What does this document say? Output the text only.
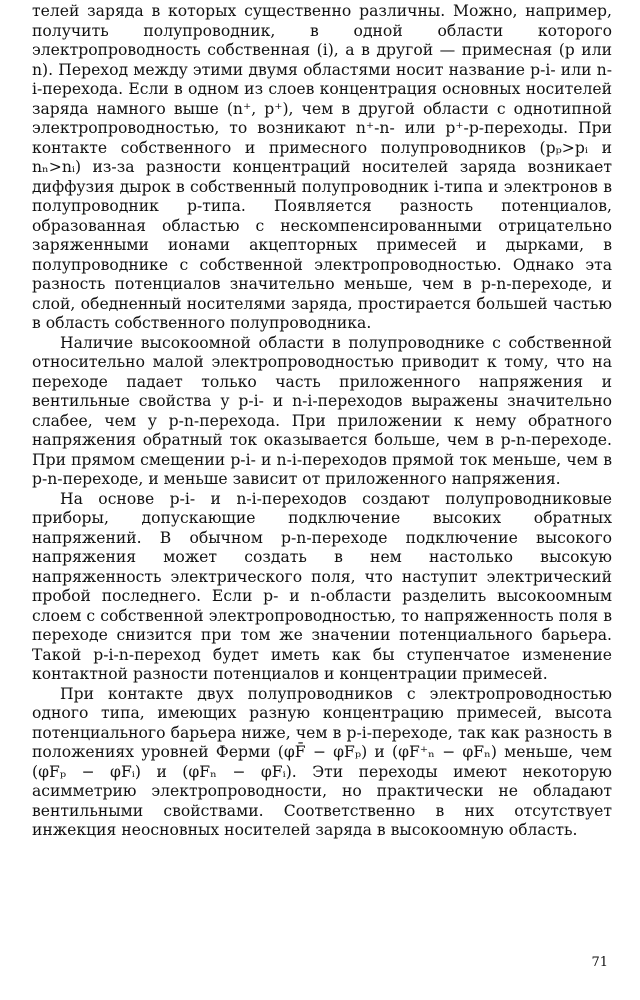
телей заряда в которых существенно различны. Можно, например, получить полупроводник, в одной области которого электропроводность собственная (i), а в другой — примесная (p или n). Переход между этими двумя областями носит название p-i- или n-i-перехода. Если в одном из слоев концентрация основных носителей заряда намного выше (n⁺, p⁺), чем в другой области с однотипной электропроводностью, то возникают n⁺-n- или p⁺-p-переходы. При контакте собственного и примесного полупроводников (pₚ>pᵢ и nₙ>nᵢ) из-за разности концентраций носителей заряда возникает диффузия дырок в собственный полупроводник i-типа и электронов в полупроводник p-типа. Появляется разность потенциалов, образованная областью с нескомпенсированными отрицательно заряженными ионами акцепторных примесей и дырками, в полупроводнике с собственной электропроводностью. Однако эта разность потенциалов значительно меньше, чем в p-n-переходе, и слой, обедненный носителями заряда, простирается большей частью в область собственного полупроводника.

Наличие высокоомной области в полупроводнике с собственной относительно малой электропроводностью приводит к тому, что на переходе падает только часть приложенного напряжения и вентильные свойства у p-i- и n-i-переходов выражены значительно слабее, чем у p-n-перехода. При приложении к нему обратного напряжения обратный ток оказывается больше, чем в p-n-переходе. При прямом смещении p-i- и n-i-переходов прямой ток меньше, чем в p-n-переходе, и меньше зависит от приложенного напряжения.

На основе p-i- и n-i-переходов создают полупроводниковые приборы, допускающие подключение высоких обратных напряжений. В обычном p-n-переходе подключение высокого напряжения может создать в нем настолько высокую напряженность электрического поля, что наступит электрический пробой последнего. Если p- и n-области разделить высокоомным слоем с собственной электропроводностью, то напряженность поля в переходе снизится при том же значении потенциального барьера. Такой p-i-n-переход будет иметь как бы ступенчатое изменение контактной разности потенциалов и концентрации примесей.

При контакте двух полупроводников с электропроводностью одного типа, имеющих разную концентрацию примесей, высота потенциального барьера ниже, чем в p-i-переходе, так как разность в положениях уровней Ферми (φF̄ − φFₚ) и (φF⁺ₙ − φFₙ) меньше, чем (φFₚ − φFᵢ) и (φFₙ − φFᵢ). Эти переходы имеют некоторую асимметрию электропроводности, но практически не обладают вентильными свойствами. Соответственно в них отсутствует инжекция неосновных носителей заряда в высокоомную область.

71
